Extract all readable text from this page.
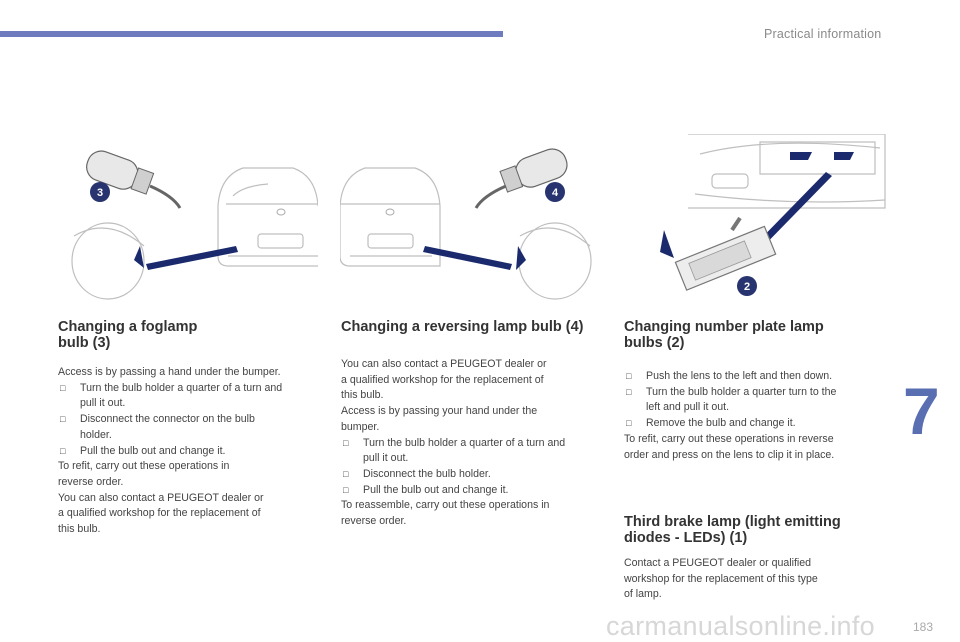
Practical information
3	4
2
Changing a foglamp
bulb (3)
Access is by passing a hand under the bumper.
□ Turn the bulb holder a quarter of a turn and
pull it out.
□ Disconnect the connector on the bulb
holder.
□ Pull the bulb out and change it.
To refit, carry out these operations in
reverse order.
You can also contact a PEUGEOT dealer or
a qualified workshop for the replacement of
this bulb.
Changing a reversing lamp bulb (4)
You can also contact a PEUGEOT dealer or
a qualified workshop for the replacement of
this bulb.
Access is by passing your hand under the
bumper.
□ Turn the bulb holder a quarter of a turn and
pull it out.
□ Disconnect the bulb holder.
□ Pull the bulb out and change it.
To reassemble, carry out these operations in
reverse order.
Changing number plate lamp
bulbs (2)
□ Push the lens to the left and then down.
□ Turn the bulb holder a quarter turn to the
left and pull it out.
□ Remove the bulb and change it.
To refit, carry out these operations in reverse
order and press on the lens to clip it in place.
Third brake lamp (light emitting
diodes - LEDs) (1)
Contact a PEUGEOT dealer or qualified
workshop for the replacement of this type
of lamp.
7
carmanualsonline.info	183
